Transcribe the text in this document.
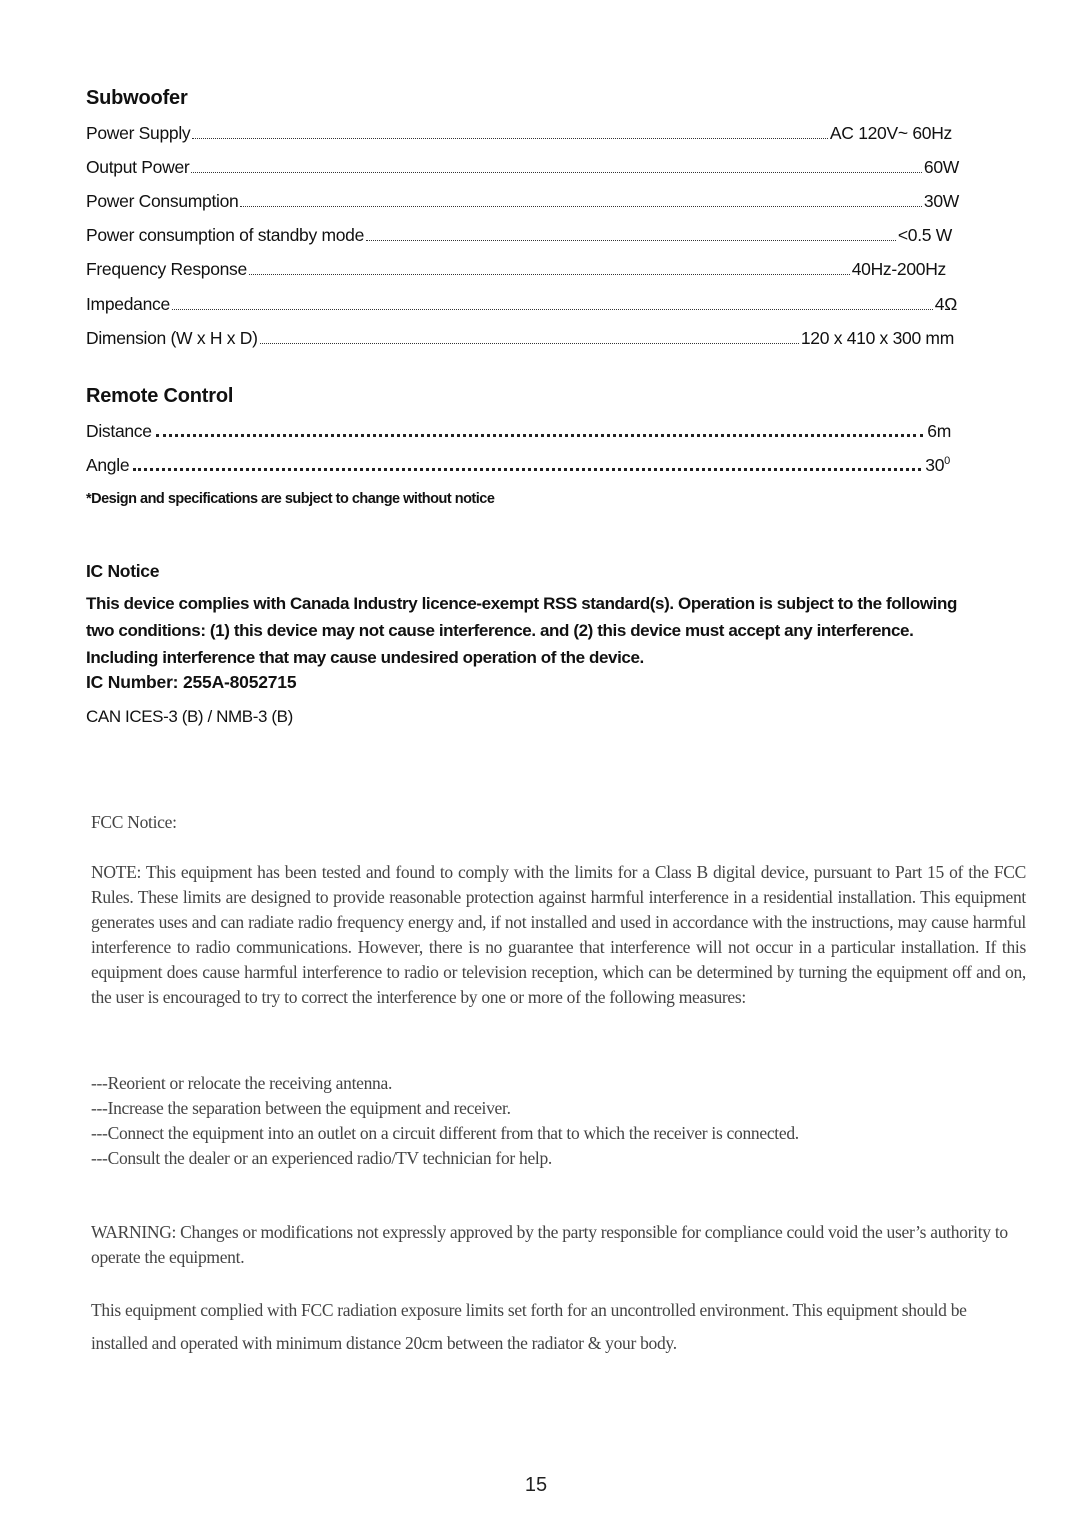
Subwoofer
Power Supply	AC 120V~ 60Hz
Output Power	60W
Power Consumption	30W
Power consumption of standby mode	<0.5 W
Frequency Response	40Hz-200Hz
Impedance	4Ω
Dimension (W x H x D)	120 x 410 x 300 mm
Remote Control
Distance	6m
Angle	$30^0$
*Design and specifications are subject to change without notice
IC Notice
This device complies with Canada Industry licence-exempt RSS standard(s). Operation is subject to the following two conditions: (1) this device may not cause interference. and (2) this device must accept any interference. Including interference that may cause undesired operation of the device.
IC Number: 255A-8052715
CAN ICES-3 (B) / NMB-3 (B)
FCC Notice:
NOTE: This equipment has been tested and found to comply with the limits for a Class B digital device, pursuant to Part 15 of the FCC Rules. These limits are designed to provide reasonable protection against harmful interference in a residential installation. This equipment generates uses and can radiate radio frequency energy and, if not installed and used in accordance with the instructions, may cause harmful interference to radio communications. However, there is no guarantee that interference will not occur in a particular installation. If this equipment does cause harmful interference to radio or television reception, which can be determined by turning the equipment off and on, the user is encouraged to try to correct the interference by one or more of the following measures:
---Reorient or relocate the receiving antenna.
---Increase the separation between the equipment and receiver.
---Connect the equipment into an outlet on a circuit different from that to which the receiver is connected.
---Consult the dealer or an experienced radio/TV technician for help.
WARNING: Changes or modifications not expressly approved by the party responsible for compliance could void the user’s authority to operate the equipment.
This equipment complied with FCC radiation exposure limits set forth for an uncontrolled environment. This equipment should be installed and operated with minimum distance 20cm between the radiator & your body.
15
